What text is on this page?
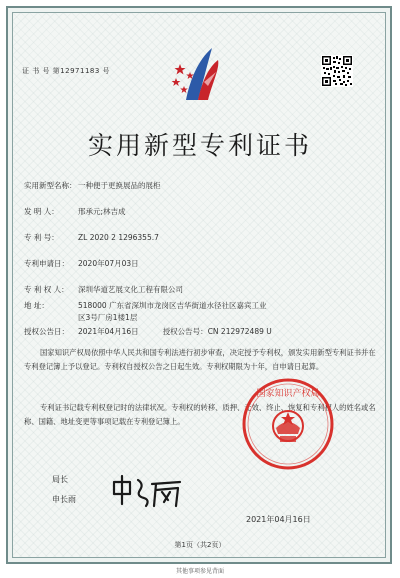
证 书 号 第12971183 号
实用新型专利证书
实用新型名称： 一种便于更换展品的展柜
发 明 人：	邢承元;林吉成
专 利 号：	ZL 2020 2 1296355.7
专利申请日： 2020年07月03日
专 利 权 人： 深圳华道艺展文化工程有限公司
地 址：	518000 广东省深圳市龙岗区吉华街道水径社区嘉宾工业
区3号厂房1楼1层
授权公告日： 2021年04月16日	授权公告号：CN 212972489 U
国家知识产权局依照中华人民共和国专利法进行初步审查，决定授予专利权，颁发实用新型专利证书并在专利登记簿上予以登记。专利权自授权公告之日起生效。专利权期限为十年，自申请日起算。
专利证书记载专利权登记时的法律状况。专利权的转移、质押、无效、终止、恢复和专利权人的姓名或名称、国籍、地址变更等事项记载在专利登记簿上。
国家知识产权局
局长
申长雨
2021年04月16日
第1页（共2页）
其他事项参见背面
